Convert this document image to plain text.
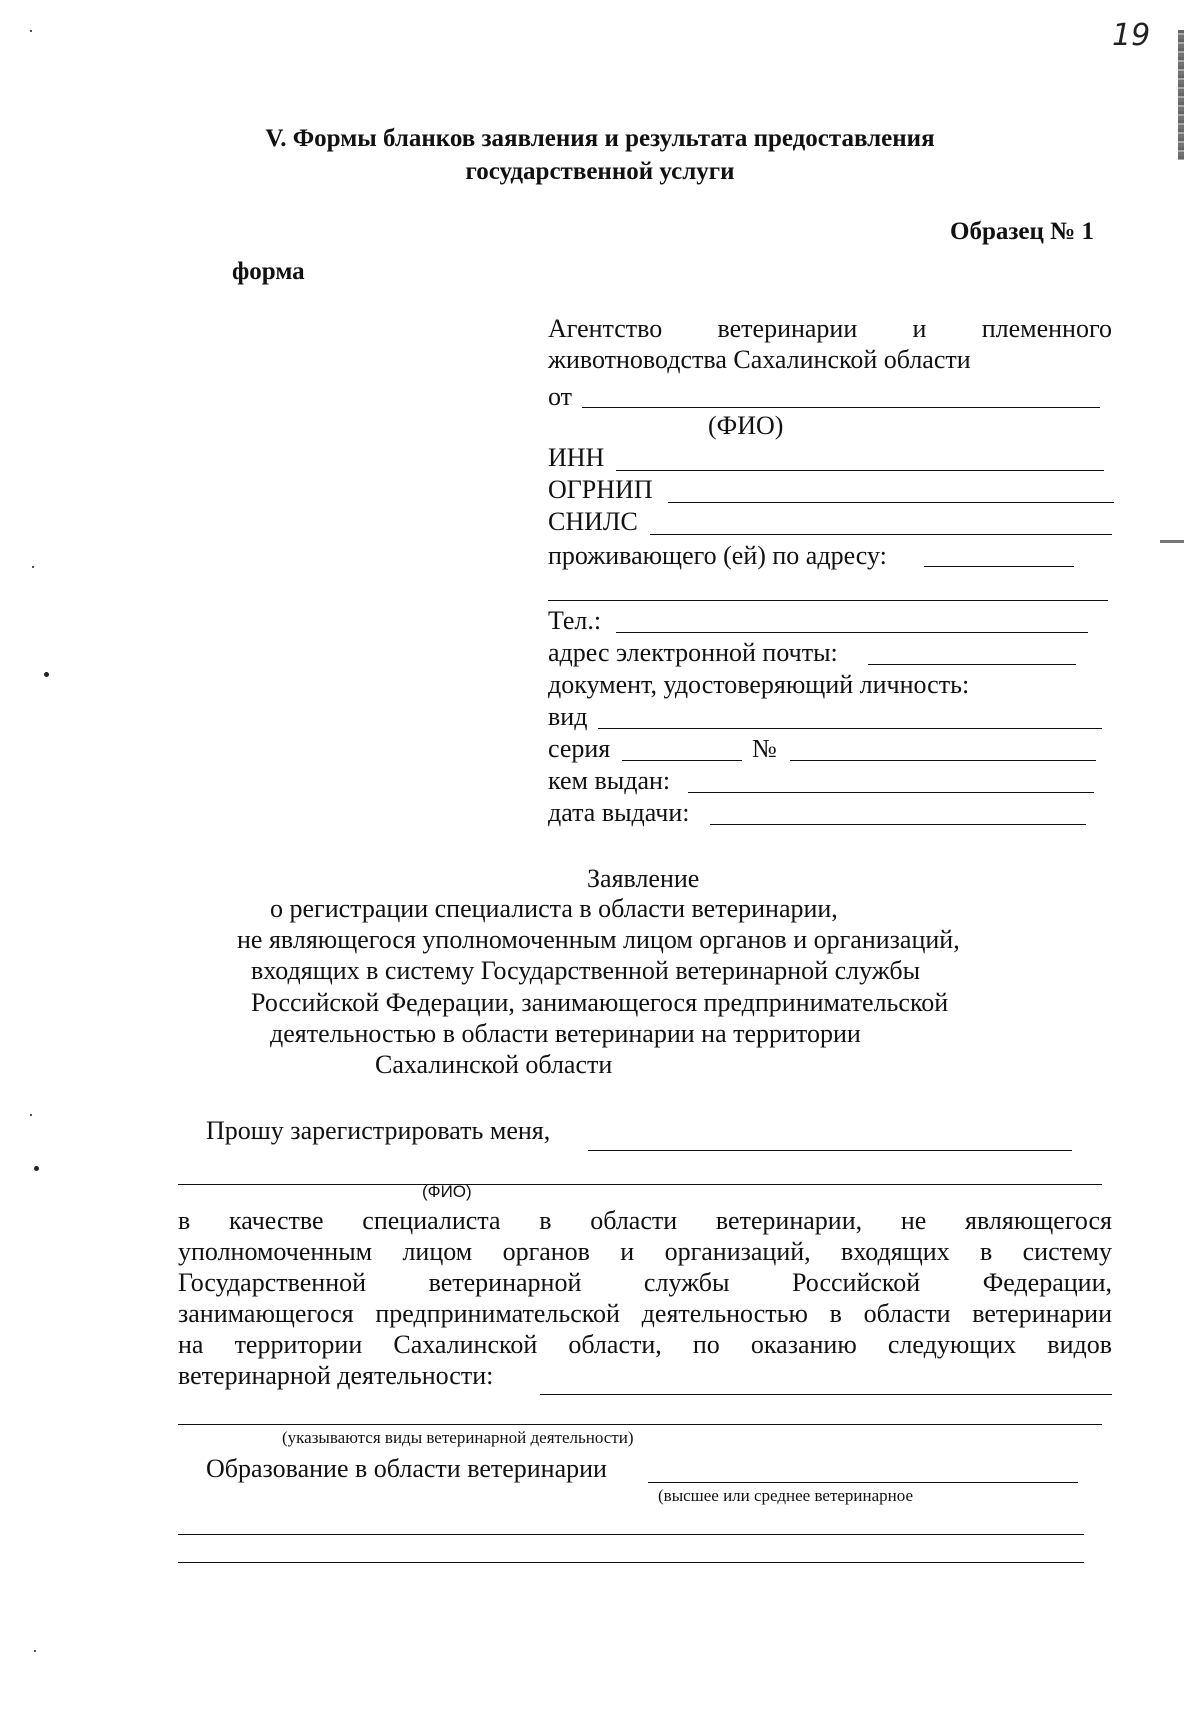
19
V. Формы бланков заявления и результата предоставления
государственной услуги
Образец № 1
форма
Агентство ветеринарии и племенного
животноводства Сахалинской области
от
(ФИО)
ИНН
ОГРНИП
СНИЛС
проживающего (ей) по адресу:
Тел.:
адрес электронной почты:
документ, удостоверяющий личность:
вид
серия	№
кем выдан:
дата выдачи:
Заявление
о регистрации специалиста в области ветеринарии,
не являющегося уполномоченным лицом органов и организаций,
входящих в систему Государственной ветеринарной службы
Российской Федерации, занимающегося предпринимательской
деятельностью в области ветеринарии на территории
Сахалинской области
Прошу зарегистрировать меня,
(ФИО)
в качестве специалиста в области ветеринарии, не являющегося
уполномоченным лицом органов и организаций, входящих в систему
Государственной ветеринарной службы Российской Федерации,
занимающегося предпринимательской деятельностью в области ветеринарии
на территории Сахалинской области, по оказанию следующих видов
ветеринарной деятельности:
(указываются виды ветеринарной деятельности)
Образование в области ветеринарии
(высшее или среднее ветеринарное
